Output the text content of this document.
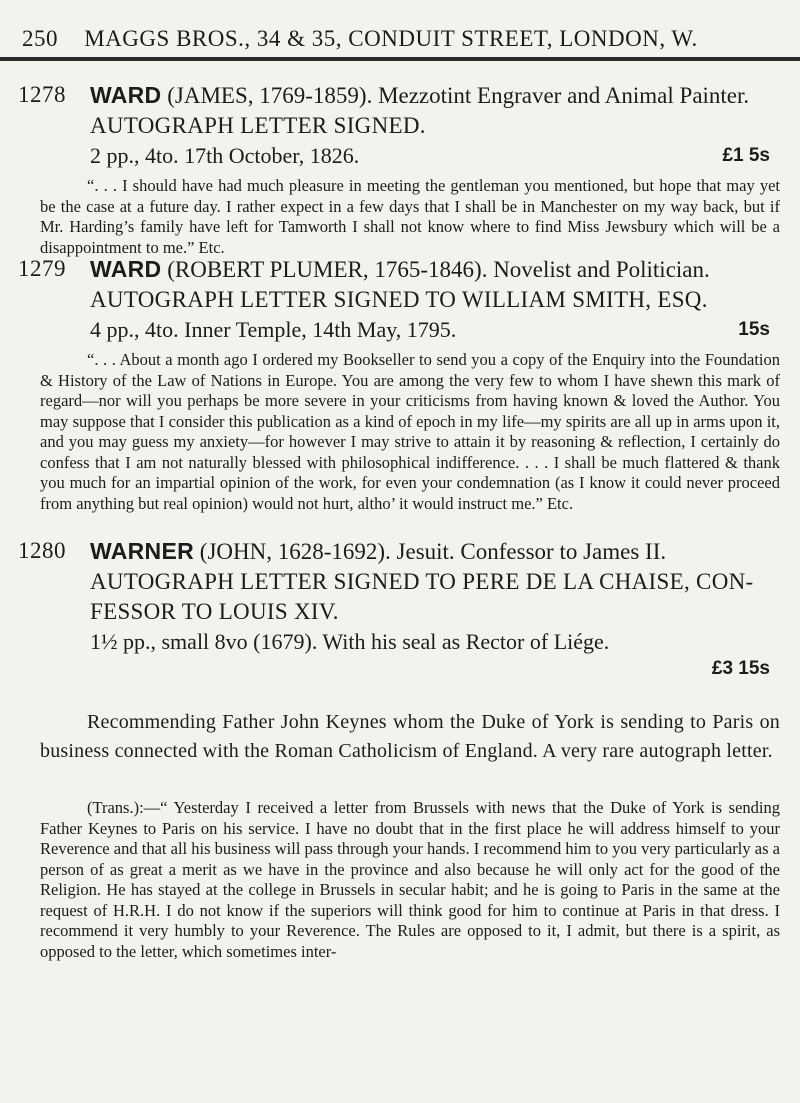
250 MAGGS BROS., 34 & 35, CONDUIT STREET, LONDON, W.
1278 WARD (JAMES, 1769-1859). Mezzotint Engraver and Animal Painter.
AUTOGRAPH LETTER SIGNED.
2 pp., 4to. 17th October, 1826.	£1 5s
“. . . I should have had much pleasure in meeting the gentleman you mentioned, but hope that may yet be the case at a future day. I rather expect in a few days that I shall be in Manchester on my way back, but if Mr. Harding’s family have left for Tamworth I shall not know where to find Miss Jewsbury which will be a disappointment to me.” Etc.
1279 WARD (ROBERT PLUMER, 1765-1846). Novelist and Politician.
AUTOGRAPH LETTER SIGNED TO WILLIAM SMITH, ESQ.
4 pp., 4to. Inner Temple, 14th May, 1795.	15s
“. . . About a month ago I ordered my Bookseller to send you a copy of the Enquiry into the Foundation & History of the Law of Nations in Europe. You are among the very few to whom I have shewn this mark of regard—nor will you perhaps be more severe in your criticisms from having known & loved the Author. You may suppose that I consider this publication as a kind of epoch in my life—my spirits are all up in arms upon it, and you may guess my anxiety—for however I may strive to attain it by reasoning & reflection, I certainly do confess that I am not naturally blessed with philosophical indifference. . . . I shall be much flattered & thank you much for an impartial opinion of the work, for even your condemnation (as I know it could never proceed from anything but real opinion) would not hurt, altho’ it would instruct me.” Etc.
1280 WARNER (JOHN, 1628-1692). Jesuit. Confessor to James II.
AUTOGRAPH LETTER SIGNED TO PERE DE LA CHAISE, CON-FESSOR TO LOUIS XIV.
1½ pp., small 8vo (1679). With his seal as Rector of Liége.
£3 15s
Recommending Father John Keynes whom the Duke of York is sending to Paris on business connected with the Roman Catholicism of England. A very rare autograph letter.
(Trans.):—“ Yesterday I received a letter from Brussels with news that the Duke of York is sending Father Keynes to Paris on his service. I have no doubt that in the first place he will address himself to your Reverence and that all his business will pass through your hands. I recommend him to you very particularly as a person of as great a merit as we have in the province and also because he will only act for the good of the Religion. He has stayed at the college in Brussels in secular habit; and he is going to Paris in the same at the request of H.R.H. I do not know if the superiors will think good for him to continue at Paris in that dress. I recommend it very humbly to your Reverence. The Rules are opposed to it, I admit, but there is a spirit, as opposed to the letter, which sometimes inter-
